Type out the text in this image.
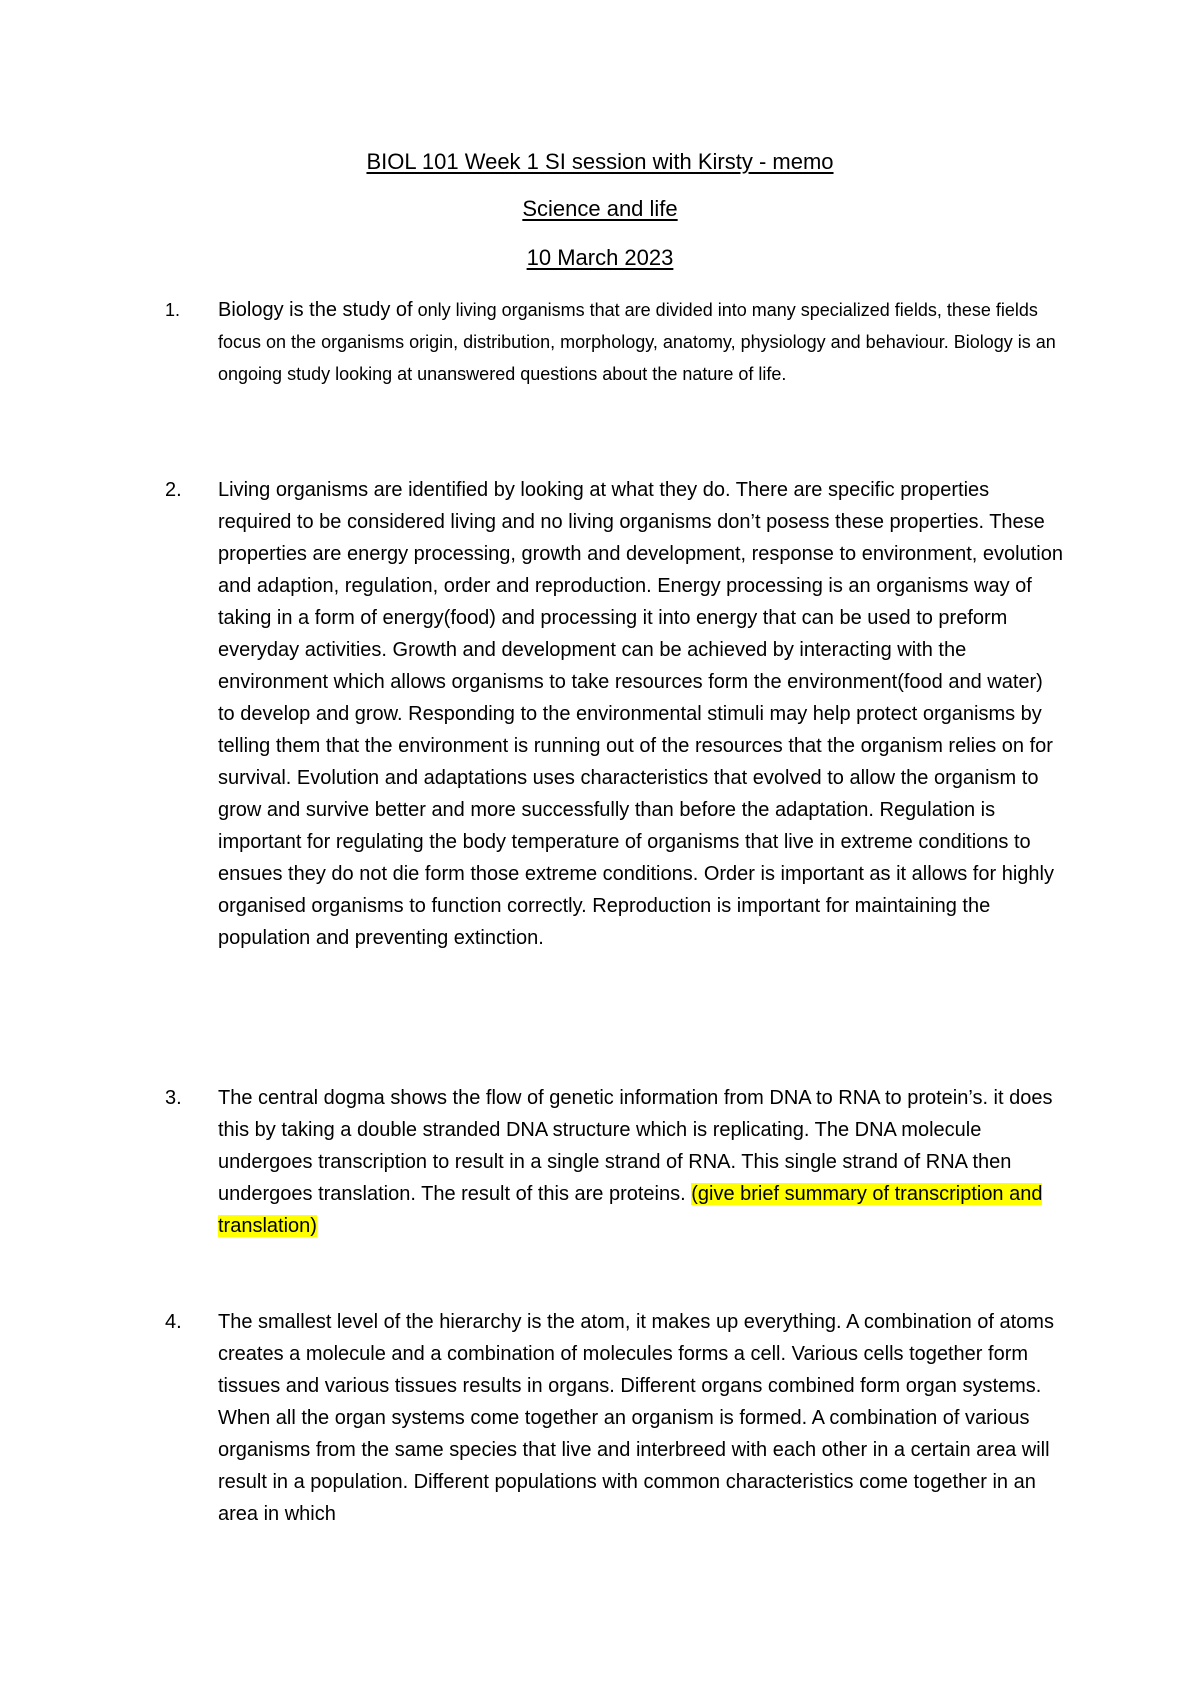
BIOL 101 Week 1 SI session with Kirsty - memo
Science and life
10 March 2023
1.	Biology is the study of only living organisms that are divided into many specialized fields, these fields focus on the organisms origin, distribution, morphology, anatomy, physiology and behaviour. Biology is an ongoing study looking at unanswered questions about the nature of life.
2.	Living organisms are identified by looking at what they do. There are specific properties required to be considered living and no living organisms don’t posess these properties. These properties are energy processing, growth and development, response to environment, evolution and adaption, regulation, order and reproduction. Energy processing is an organisms way of taking in a form of energy(food) and processing it into energy that can be used to preform everyday activities. Growth and development can be achieved by interacting with the environment which allows organisms to take resources form the environment(food and water) to develop and grow. Responding to the environmental stimuli may help protect organisms by telling them that the environment is running out of the resources that the organism relies on for survival. Evolution and adaptations uses characteristics that evolved to allow the organism to grow and survive better and more successfully than before the adaptation. Regulation is important for regulating the body temperature of organisms that live in extreme conditions to ensues they do not die form those extreme conditions. Order is important as it allows for highly organised organisms to function correctly. Reproduction is important for maintaining the population and preventing extinction.
3.	The central dogma shows the flow of genetic information from DNA to RNA to protein’s. it does this by taking a double stranded DNA structure which is replicating. The DNA molecule undergoes transcription to result in a single strand of RNA. This single strand of RNA then undergoes translation. The result of this are proteins. (give brief summary of transcription and translation)
4.	The smallest level of the hierarchy is the atom, it makes up everything. A combination of atoms creates a molecule and a combination of molecules forms a cell. Various cells together form tissues and various tissues results in organs. Different organs combined form organ systems. When all the organ systems come together an organism is formed. A combination of various organisms from the same species that live and interbreed with each other in a certain area will result in a population. Different populations with common characteristics come together in an area in which
